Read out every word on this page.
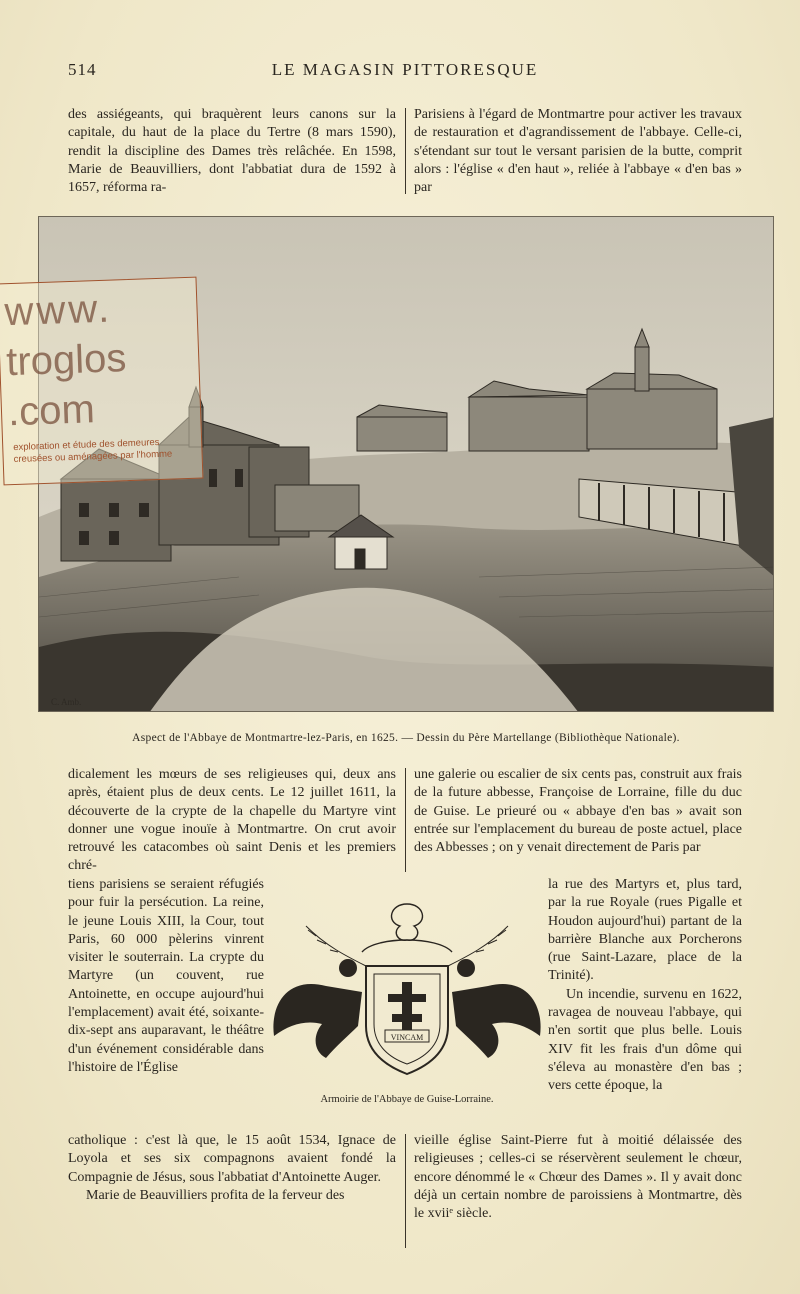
514	LE MAGASIN PITTORESQUE

des assiégeants, qui braquèrent leurs canons sur la capitale, du haut de la place du Tertre (8 mars 1590), rendit la discipline des Dames très relâchée. En 1598, Marie de Beauvilliers, dont l'abbatiat dura de 1592 à 1657, réforma ra-

Parisiens à l'égard de Montmartre pour activer les travaux de restauration et d'agrandissement de l'abbaye. Celle-ci, s'étendant sur tout le versant parisien de la butte, comprit alors : l'église « d'en haut », reliée à l'abbaye « d'en bas » par

C. Amb.
Aspect de l'Abbaye de Montmartre-lez-Paris, en 1625. — Dessin du Père Martellange (Bibliothèque Nationale).

dicalement les mœurs de ses religieuses qui, deux ans après, étaient plus de deux cents. Le 12 juillet 1611, la découverte de la crypte de la chapelle du Martyre vint donner une vogue inouïe à Montmartre. On crut avoir retrouvé les catacombes où saint Denis et les premiers chré-

une galerie ou escalier de six cents pas, construit aux frais de la future abbesse, Françoise de Lorraine, fille du duc de Guise. Le prieuré ou « abbaye d'en bas » avait son entrée sur l'emplacement du bureau de poste actuel, place des Abbesses ; on y venait directement de Paris par

tiens parisiens se seraient réfugiés pour fuir la persécution. La reine, le jeune Louis XIII, la Cour, tout Paris, 60 000 pèlerins vinrent visiter le souterrain. La crypte du Martyre (un couvent, rue Antoinette, en occupe aujourd'hui l'emplacement) avait été, soixante-dix-sept ans auparavant, le théâtre d'un événement considérable dans l'histoire de l'Église

la rue des Martyrs et, plus tard, par la rue Royale (rues Pigalle et Houdon aujourd'hui) partant de la barrière Blanche aux Porcherons (rue Saint-Lazare, place de la Trinité).

Un incendie, survenu en 1622, ravagea de nouveau l'abbaye, qui n'en sortit que plus belle. Louis XIV fit les frais d'un dôme qui s'éleva au monastère d'en bas ; vers cette époque, la

VINCAM
Armoirie de l'Abbaye de Guise-Lorraine.

catholique : c'est là que, le 15 août 1534, Ignace de Loyola et ses six compagnons avaient fondé la Compagnie de Jésus, sous l'abbatiat d'Antoinette Auger.

Marie de Beauvilliers profita de la ferveur des

vieille église Saint-Pierre fut à moitié délaissée des religieuses ; celles-ci se réservèrent seulement le chœur, encore dénommé le « Chœur des Dames ». Il y avait donc déjà un certain nombre de paroissiens à Montmartre, dès le xviiᵉ siècle.

www.
troglos
.com
exploration et étude des demeures creusées ou aménagées par l'homme
